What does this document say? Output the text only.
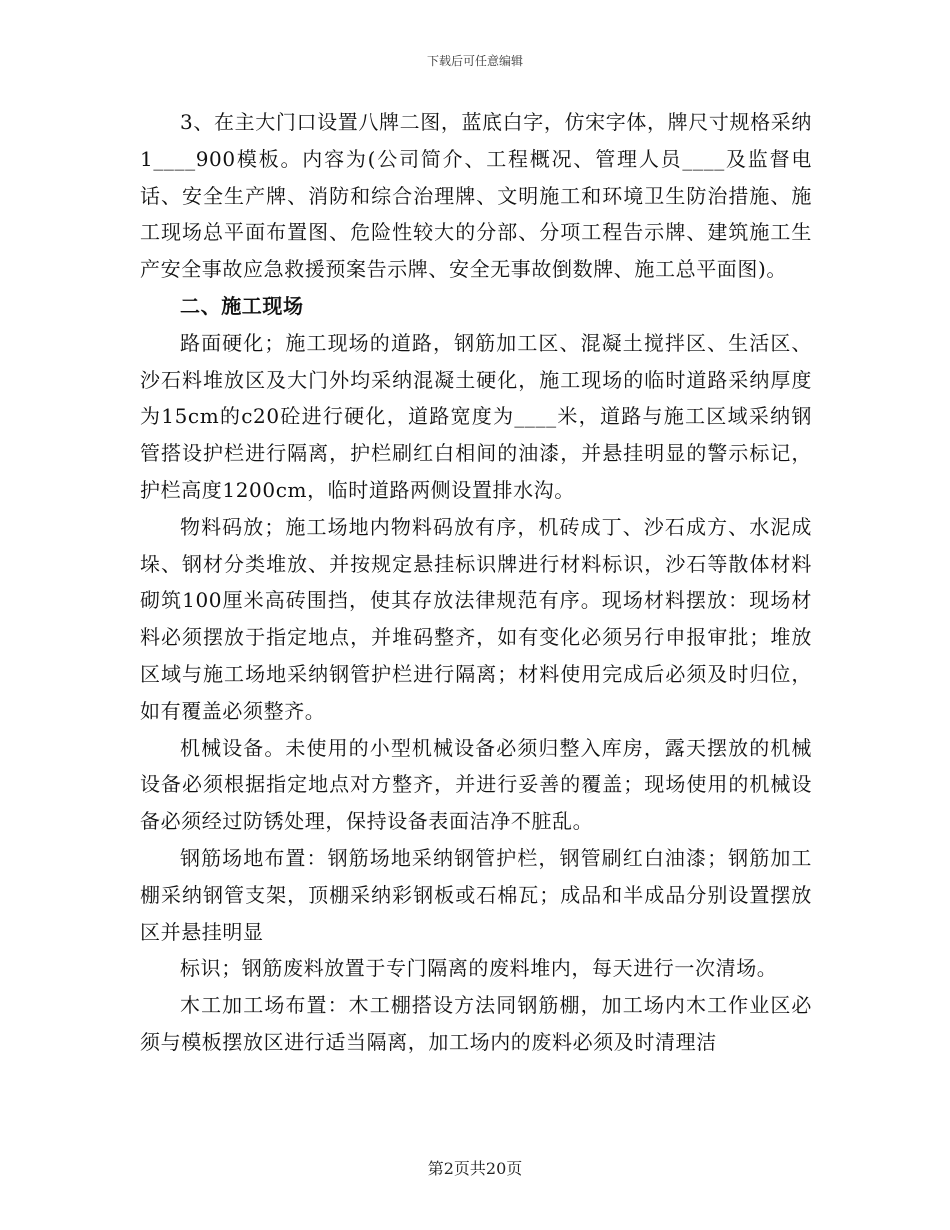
下载后可任意编辑

3、在主大门口设置八牌二图，蓝底白字，仿宋字体，牌尺寸规格采纳1____900模板。内容为(公司简介、工程概况、管理人员____及监督电话、安全生产牌、消防和综合治理牌、文明施工和环境卫生防治措施、施工现场总平面布置图、危险性较大的分部、分项工程告示牌、建筑施工生产安全事故应急救援预案告示牌、安全无事故倒数牌、施工总平面图)。

二、施工现场

路面硬化；施工现场的道路，钢筋加工区、混凝土搅拌区、生活区、沙石料堆放区及大门外均采纳混凝土硬化，施工现场的临时道路采纳厚度为15cm的c20砼进行硬化，道路宽度为____米，道路与施工区域采纳钢管搭设护栏进行隔离，护栏刷红白相间的油漆，并悬挂明显的警示标记，护栏高度1200cm，临时道路两侧设置排水沟。

物料码放；施工场地内物料码放有序，机砖成丁、沙石成方、水泥成垛、钢材分类堆放、并按规定悬挂标识牌进行材料标识，沙石等散体材料砌筑100厘米高砖围挡，使其存放法律规范有序。现场材料摆放：现场材料必须摆放于指定地点，并堆码整齐，如有变化必须另行申报审批；堆放区域与施工场地采纳钢管护栏进行隔离；材料使用完成后必须及时归位，如有覆盖必须整齐。

机械设备。未使用的小型机械设备必须归整入库房，露天摆放的机械设备必须根据指定地点对方整齐，并进行妥善的覆盖；现场使用的机械设备必须经过防锈处理，保持设备表面洁净不脏乱。

钢筋场地布置：钢筋场地采纳钢管护栏，钢管刷红白油漆；钢筋加工棚采纳钢管支架，顶棚采纳彩钢板或石棉瓦；成品和半成品分别设置摆放区并悬挂明显

标识；钢筋废料放置于专门隔离的废料堆内，每天进行一次清场。

木工加工场布置：木工棚搭设方法同钢筋棚，加工场内木工作业区必须与模板摆放区进行适当隔离，加工场内的废料必须及时清理洁

第2页共20页
